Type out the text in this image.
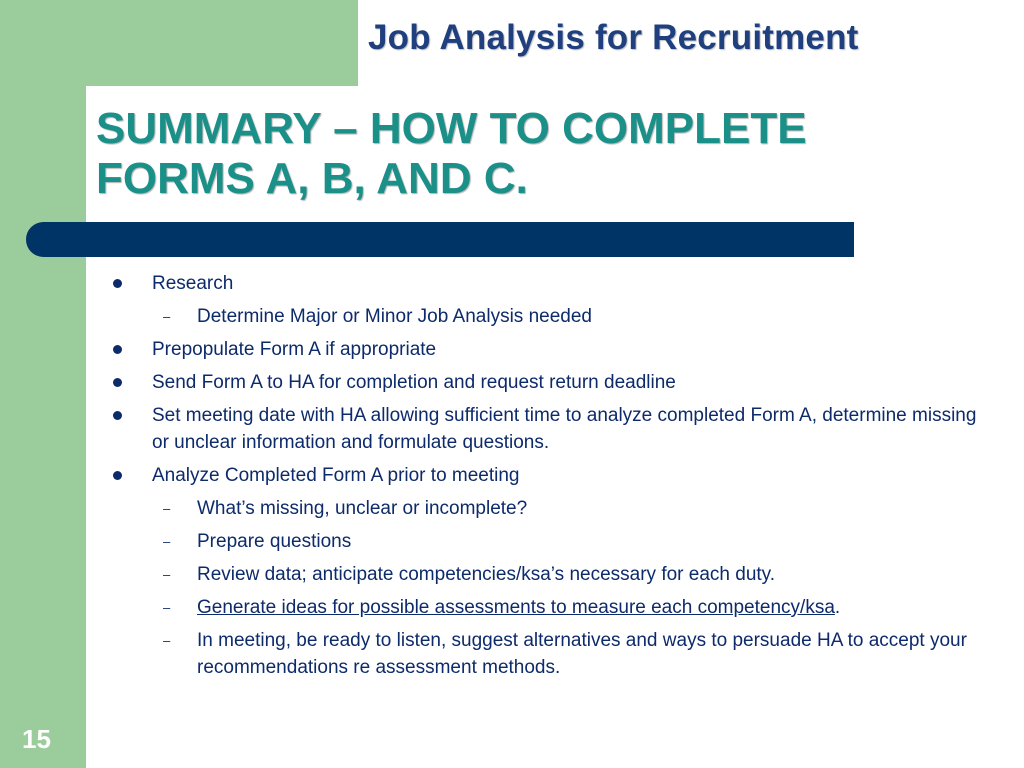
Job Analysis for Recruitment
SUMMARY – HOW TO COMPLETE
FORMS A, B, AND C.
Research
– Determine Major or Minor Job Analysis needed
Prepopulate Form A if appropriate
Send Form A to HA for completion and request return deadline
Set meeting date with HA allowing sufficient time to analyze completed Form A, determine missing or unclear information and formulate questions.
Analyze Completed Form A prior to meeting
– What’s missing, unclear or incomplete?
– Prepare questions
– Review data; anticipate competencies/ksa’s necessary for each duty.
– Generate ideas for possible assessments to measure each competency/ksa.
– In meeting, be ready to listen, suggest alternatives and ways to persuade HA to accept your recommendations re assessment methods.
15
